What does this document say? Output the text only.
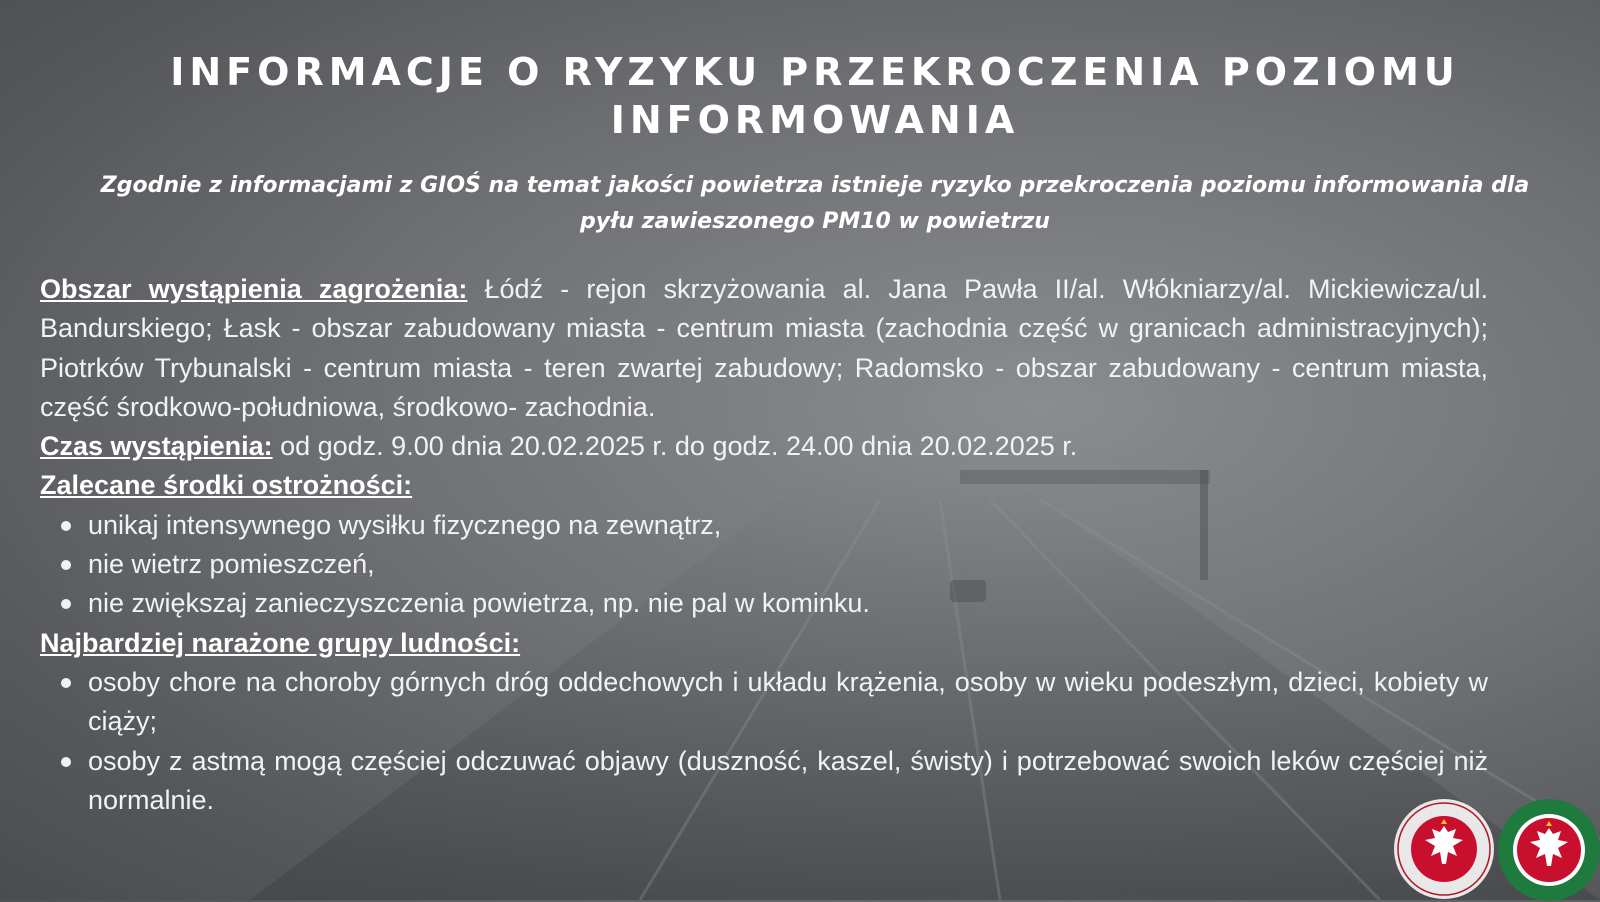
INFORMACJE O RYZYKU PRZEKROCZENIA POZIOMU INFORMOWANIA

Zgodnie z informacjami z GIOŚ na temat jakości powietrza istnieje ryzyko przekroczenia poziomu informowania dla pyłu zawieszonego PM10 w powietrzu

Obszar wystąpienia zagrożenia: Łódź - rejon skrzyżowania al. Jana Pawła II/al. Włókniarzy/al. Mickiewicza/ul. Bandurskiego; Łask - obszar zabudowany miasta - centrum miasta (zachodnia część w granicach administracyjnych); Piotrków Trybunalski - centrum miasta - teren zwartej zabudowy; Radomsko - obszar zabudowany - centrum miasta, część środkowo-południowa, środkowo- zachodnia.

Czas wystąpienia: od godz. 9.00 dnia 20.02.2025 r. do godz. 24.00 dnia 20.02.2025 r.

Zalecane środki ostrożności:

unikaj intensywnego wysiłku fizycznego na zewnątrz,
nie wietrz pomieszczeń,
nie zwiększaj zanieczyszczenia powietrza, np. nie pal w kominku.

Najbardziej narażone grupy ludności:

osoby chore na choroby górnych dróg oddechowych i układu krążenia, osoby w wieku podeszłym, dzieci, kobiety w ciąży;
osoby z astmą mogą częściej odczuwać objawy (duszność, kaszel, świsty) i potrzebować swoich leków częściej niż normalnie.
